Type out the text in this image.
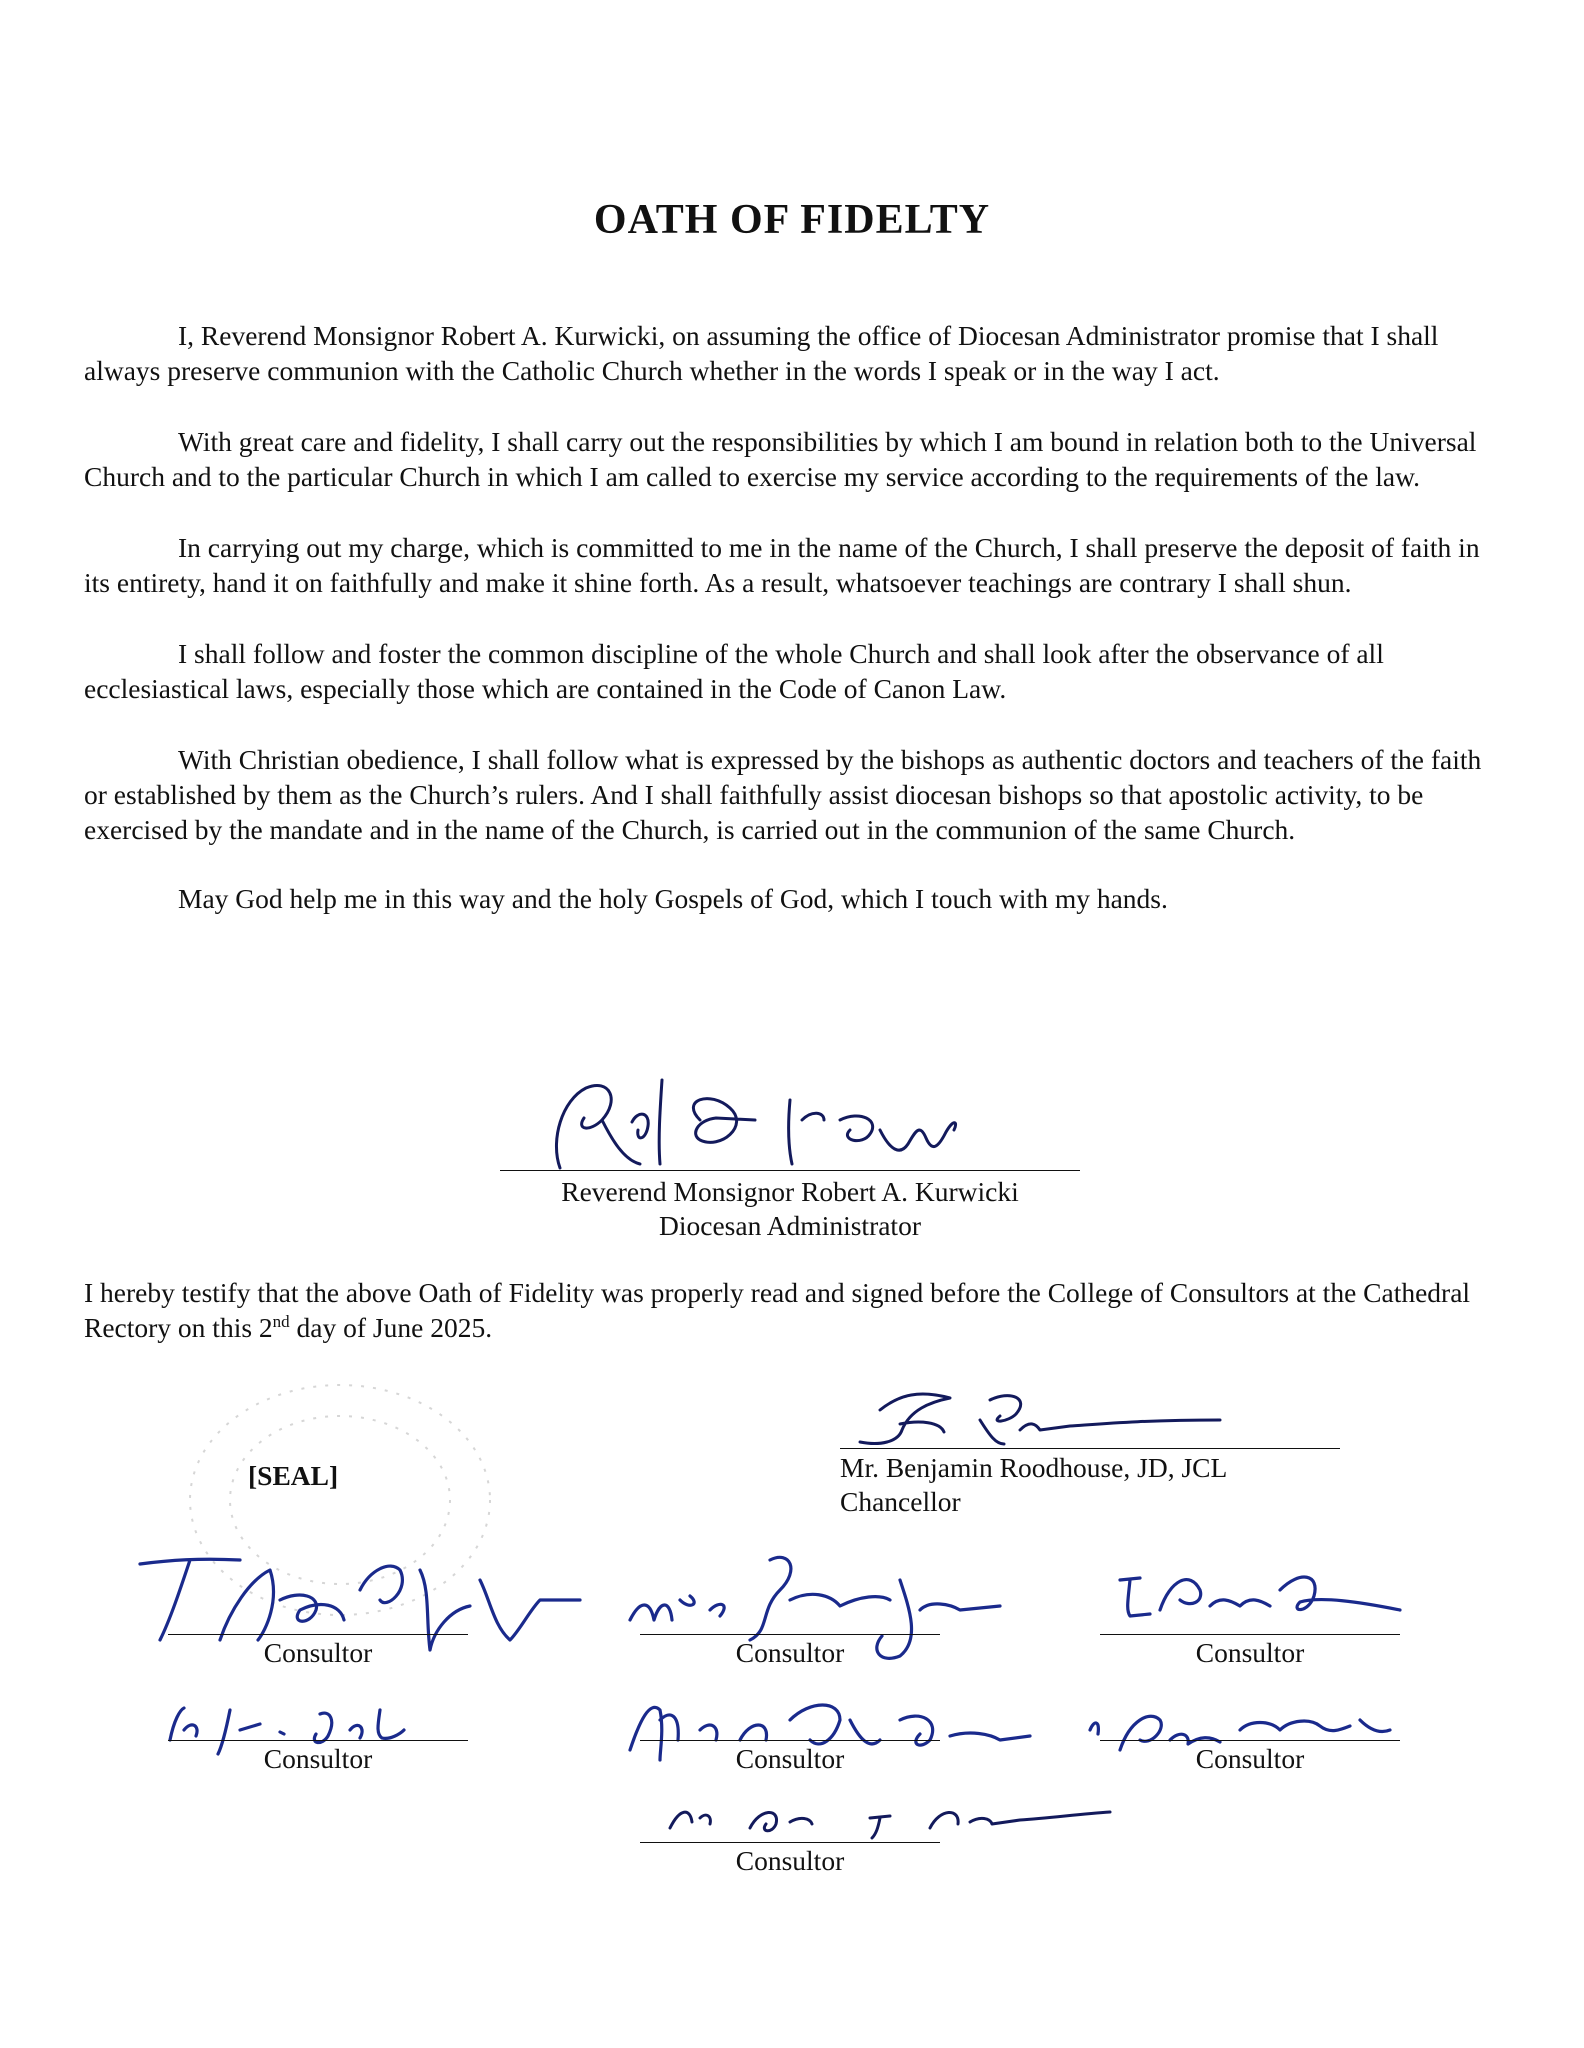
OATH OF FIDELTY

I, Reverend Monsignor Robert A. Kurwicki, on assuming the office of Diocesan Administrator promise that I shall always preserve communion with the Catholic Church whether in the words I speak or in the way I act.

With great care and fidelity, I shall carry out the responsibilities by which I am bound in relation both to the Universal Church and to the particular Church in which I am called to exercise my service according to the requirements of the law.

In carrying out my charge, which is committed to me in the name of the Church, I shall preserve the deposit of faith in its entirety, hand it on faithfully and make it shine forth. As a result, whatsoever teachings are contrary I shall shun.

I shall follow and foster the common discipline of the whole Church and shall look after the observance of all ecclesiastical laws, especially those which are contained in the Code of Canon Law.

With Christian obedience, I shall follow what is expressed by the bishops as authentic doctors and teachers of the faith or established by them as the Church’s rulers. And I shall faithfully assist diocesan bishops so that apostolic activity, to be exercised by the mandate and in the name of the Church, is carried out in the communion of the same Church.

May God help me in this way and the holy Gospels of God, which I touch with my hands.

Reverend Monsignor Robert A. Kurwicki
Diocesan Administrator
I hereby testify that the above Oath of Fidelity was properly read and signed before the College of Consultors at the Cathedral Rectory on this 2nd day of June 2025.
[SEAL]	Mr. Benjamin Roodhouse, JD, JCL
Chancellor
Consultor	Consultor	Consultor
Consultor	Consultor	Consultor
Consultor
